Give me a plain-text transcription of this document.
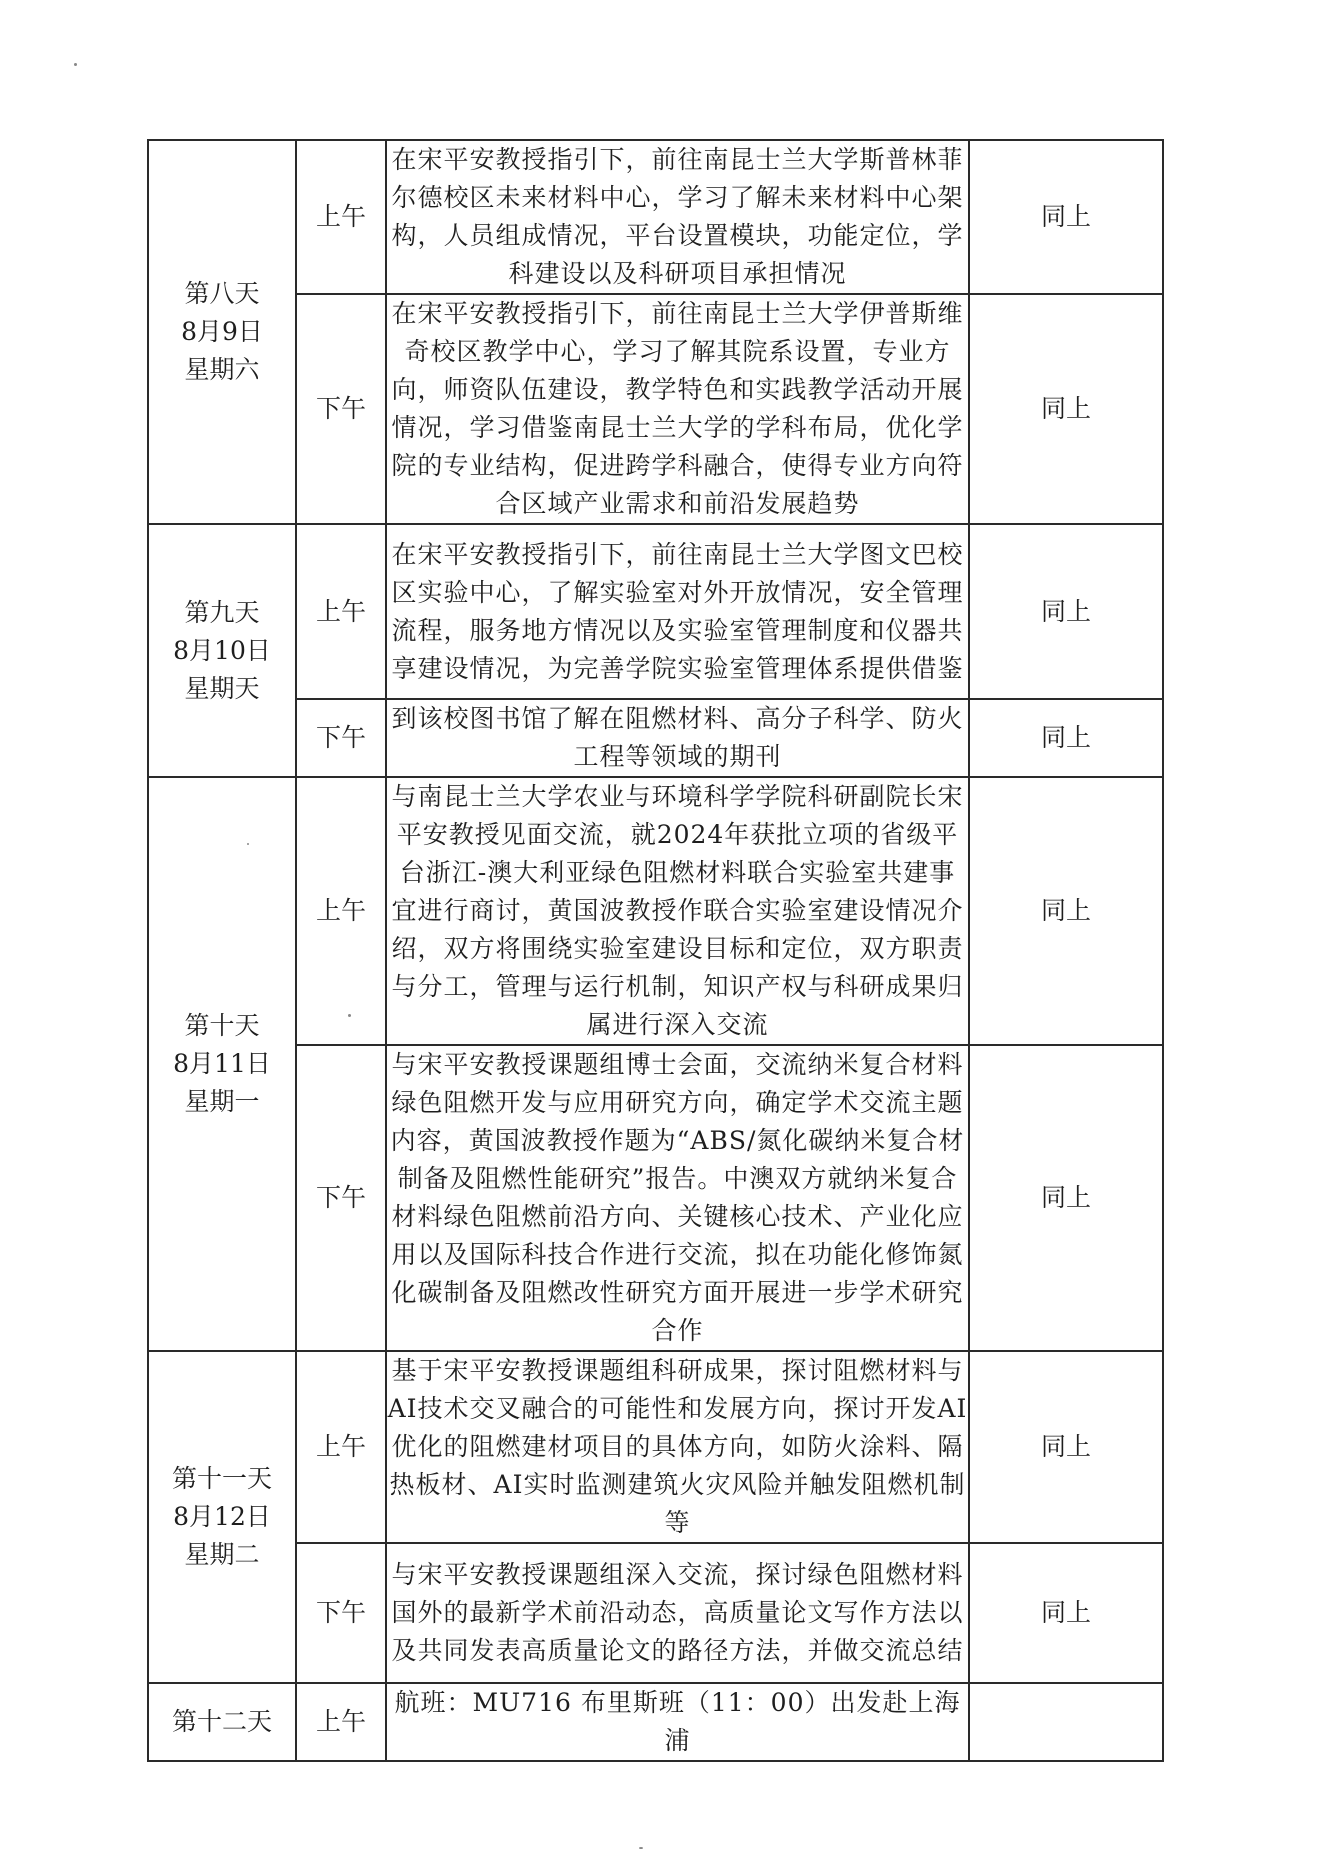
第八天
8月9日
星期六	上午	在宋平安教授指引下，前往南昆士兰大学斯普林菲尔德校区未来材料中心，学习了解未来材料中心架构，人员组成情况，平台设置模块，功能定位，学科建设以及科研项目承担情况	同上
	下午	在宋平安教授指引下，前往南昆士兰大学伊普斯维奇校区教学中心，学习了解其院系设置，专业方向，师资队伍建设，教学特色和实践教学活动开展情况，学习借鉴南昆士兰大学的学科布局，优化学院的专业结构，促进跨学科融合，使得专业方向符合区域产业需求和前沿发展趋势	同上

第九天
8月10日
星期天	上午	在宋平安教授指引下，前往南昆士兰大学图文巴校区实验中心，了解实验室对外开放情况，安全管理流程，服务地方情况以及实验室管理制度和仪器共享建设情况，为完善学院实验室管理体系提供借鉴	同上
	下午	到该校图书馆了解在阻燃材料、高分子科学、防火工程等领域的期刊	同上

第十天
8月11日
星期一	上午	与南昆士兰大学农业与环境科学学院科研副院长宋平安教授见面交流，就2024年获批立项的省级平台浙江-澳大利亚绿色阻燃材料联合实验室共建事宜进行商讨，黄国波教授作联合实验室建设情况介绍，双方将围绕实验室建设目标和定位，双方职责与分工，管理与运行机制，知识产权与科研成果归属进行深入交流	同上
	下午	与宋平安教授课题组博士会面，交流纳米复合材料绿色阻燃开发与应用研究方向，确定学术交流主题内容，黄国波教授作题为“ABS/氮化碳纳米复合材制备及阻燃性能研究”报告。中澳双方就纳米复合材料绿色阻燃前沿方向、关键核心技术、产业化应用以及国际科技合作进行交流，拟在功能化修饰氮化碳制备及阻燃改性研究方面开展进一步学术研究合作	同上

第十一天
8月12日
星期二	上午	基于宋平安教授课题组科研成果，探讨阻燃材料与AI技术交叉融合的可能性和发展方向，探讨开发AI优化的阻燃建材项目的具体方向，如防火涂料、隔热板材、AI实时监测建筑火灾风险并触发阻燃机制等	同上
	下午	与宋平安教授课题组深入交流，探讨绿色阻燃材料国外的最新学术前沿动态，高质量论文写作方法以及共同发表高质量论文的路径方法，并做交流总结	同上

第十二天	上午	航班：MU716 布里斯班（11：00）出发赴上海浦	
